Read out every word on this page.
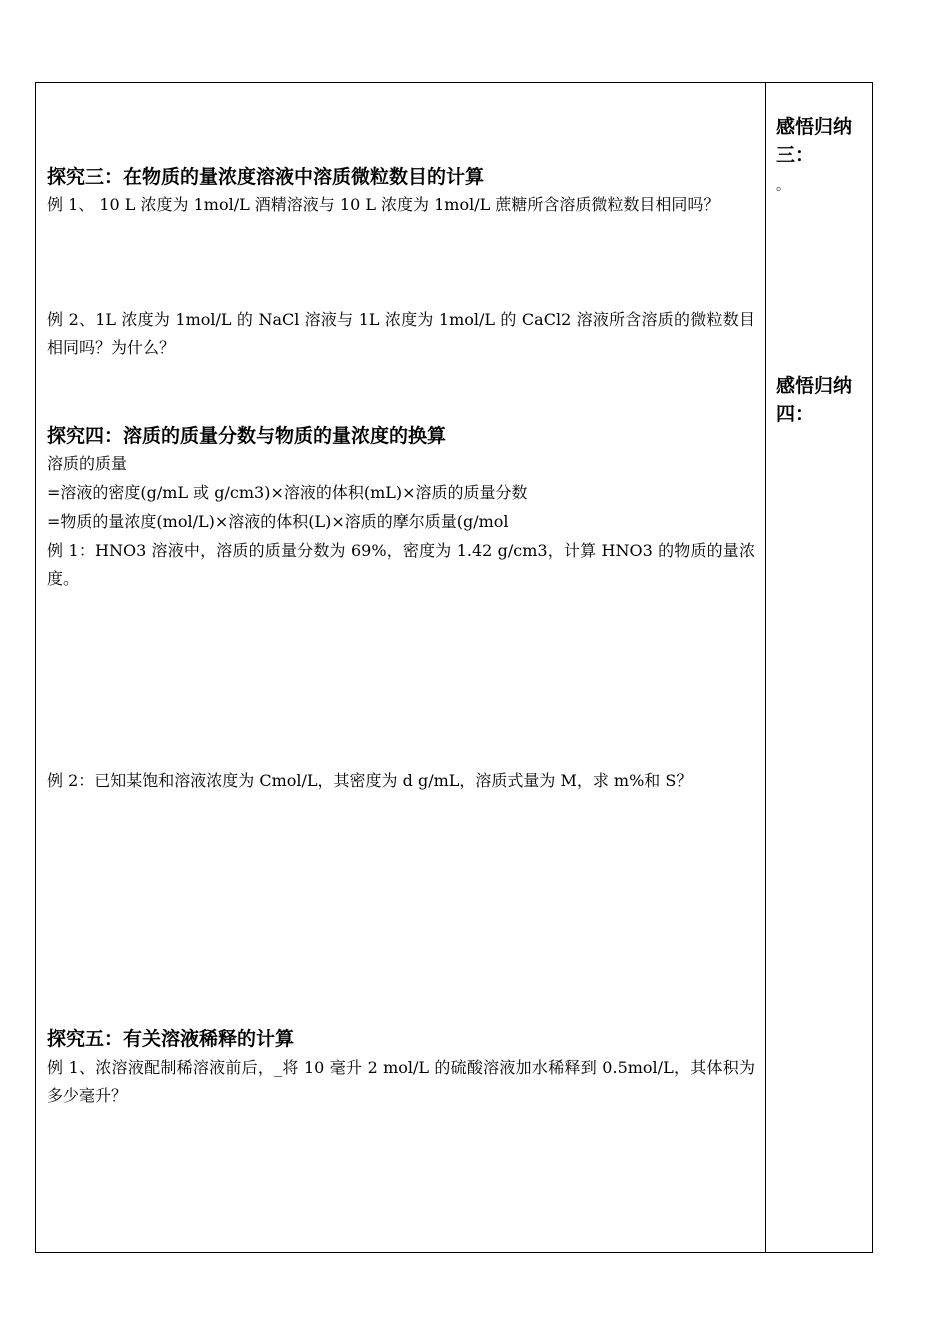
探究三：在物质的量浓度溶液中溶质微粒数目的计算
例 1、 10 L 浓度为 1mol/L 酒精溶液与 10 L 浓度为 1mol/L 蔗糖所含溶质微粒数目相同吗？
例 2、1L 浓度为 1mol/L 的 NaCl 溶液与 1L 浓度为 1mol/L 的 CaCl2 溶液所含溶质的微粒数目相同吗？为什么？
探究四：溶质的质量分数与物质的量浓度的换算
溶质的质量
=溶液的密度(g/mL 或 g/cm3)×溶液的体积(mL)×溶质的质量分数
=物质的量浓度(mol/L)×溶液的体积(L)×溶质的摩尔质量(g/mol
例 1：HNO3 溶液中，溶质的质量分数为 69%，密度为 1.42 g/cm3，计算 HNO3 的物质的量浓度。
例 2：已知某饱和溶液浓度为 Cmol/L，其密度为 d g/mL，溶质式量为 M，求 m%和 S？
探究五：有关溶液稀释的计算
例 1、浓溶液配制稀溶液前后，_将 10 毫升 2 mol/L 的硫酸溶液加水稀释到 0.5mol/L，其体积为多少毫升？
感悟归纳三：
。
感悟归纳四：
